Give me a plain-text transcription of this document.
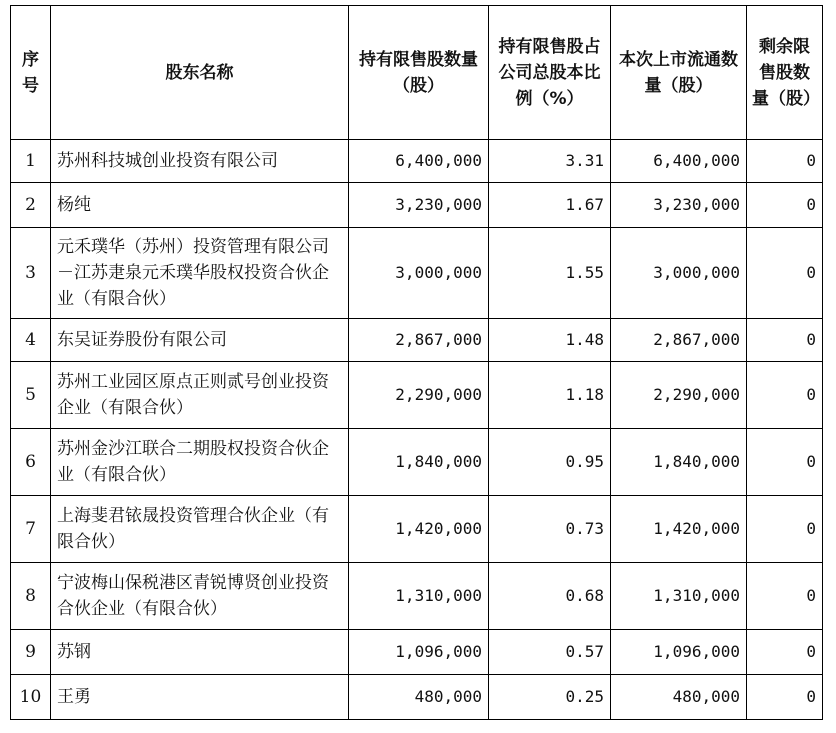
序号	股东名称	持有限售股数量（股）	持有限售股占公司总股本比例（%）	本次上市流通数量（股）	剩余限售股数量（股）
1	苏州科技城创业投资有限公司	6,400,000	3.31	6,400,000	0
2	杨纯	3,230,000	1.67	3,230,000	0
3	元禾璞华（苏州）投资管理有限公司－江苏疌泉元禾璞华股权投资合伙企业（有限合伙）	3,000,000	1.55	3,000,000	0
4	东吴证券股份有限公司	2,867,000	1.48	2,867,000	0
5	苏州工业园区原点正则贰号创业投资企业（有限合伙）	2,290,000	1.18	2,290,000	0
6	苏州金沙江联合二期股权投资合伙企业（有限合伙）	1,840,000	0.95	1,840,000	0
7	上海斐君铱晟投资管理合伙企业（有限合伙）	1,420,000	0.73	1,420,000	0
8	宁波梅山保税港区青锐博贤创业投资合伙企业（有限合伙）	1,310,000	0.68	1,310,000	0
9	苏钢	1,096,000	0.57	1,096,000	0
10	王勇	480,000	0.25	480,000	0
